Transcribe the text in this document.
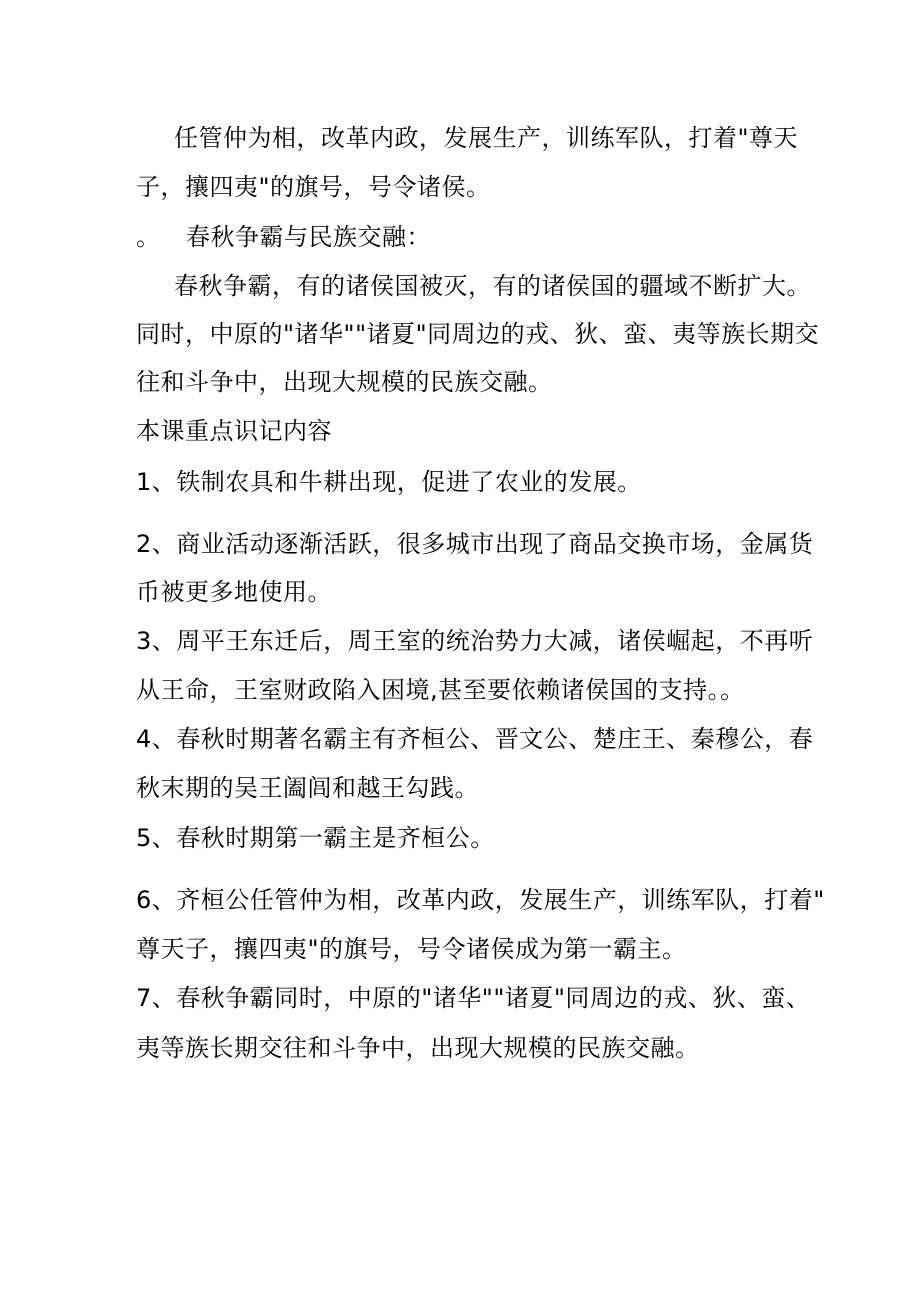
任管仲为相，改革内政，发展生产，训练军队，打着"尊天
子，攘四夷"的旗号，号令诸侯。
。 春秋争霸与民族交融：
春秋争霸，有的诸侯国被灭，有的诸侯国的疆域不断扩大。
同时，中原的"诸华""诸夏"同周边的戎、狄、蛮、夷等族长期交
往和斗争中，出现大规模的民族交融。
本课重点识记内容
1、铁制农具和牛耕出现，促进了农业的发展。
2、商业活动逐渐活跃，很多城市出现了商品交换市场，金属货
币被更多地使用。
3、周平王东迁后，周王室的统治势力大减，诸侯崛起，不再听
从王命，王室财政陷入困境,甚至要依赖诸侯国的支持。。
4、春秋时期著名霸主有齐桓公、晋文公、楚庄王、秦穆公，春
秋末期的吴王阖闾和越王勾践。
5、春秋时期第一霸主是齐桓公。
6、齐桓公任管仲为相，改革内政，发展生产，训练军队，打着"
尊天子，攘四夷"的旗号，号令诸侯成为第一霸主。
7、春秋争霸同时，中原的"诸华""诸夏"同周边的戎、狄、蛮、
夷等族长期交往和斗争中，出现大规模的民族交融。
